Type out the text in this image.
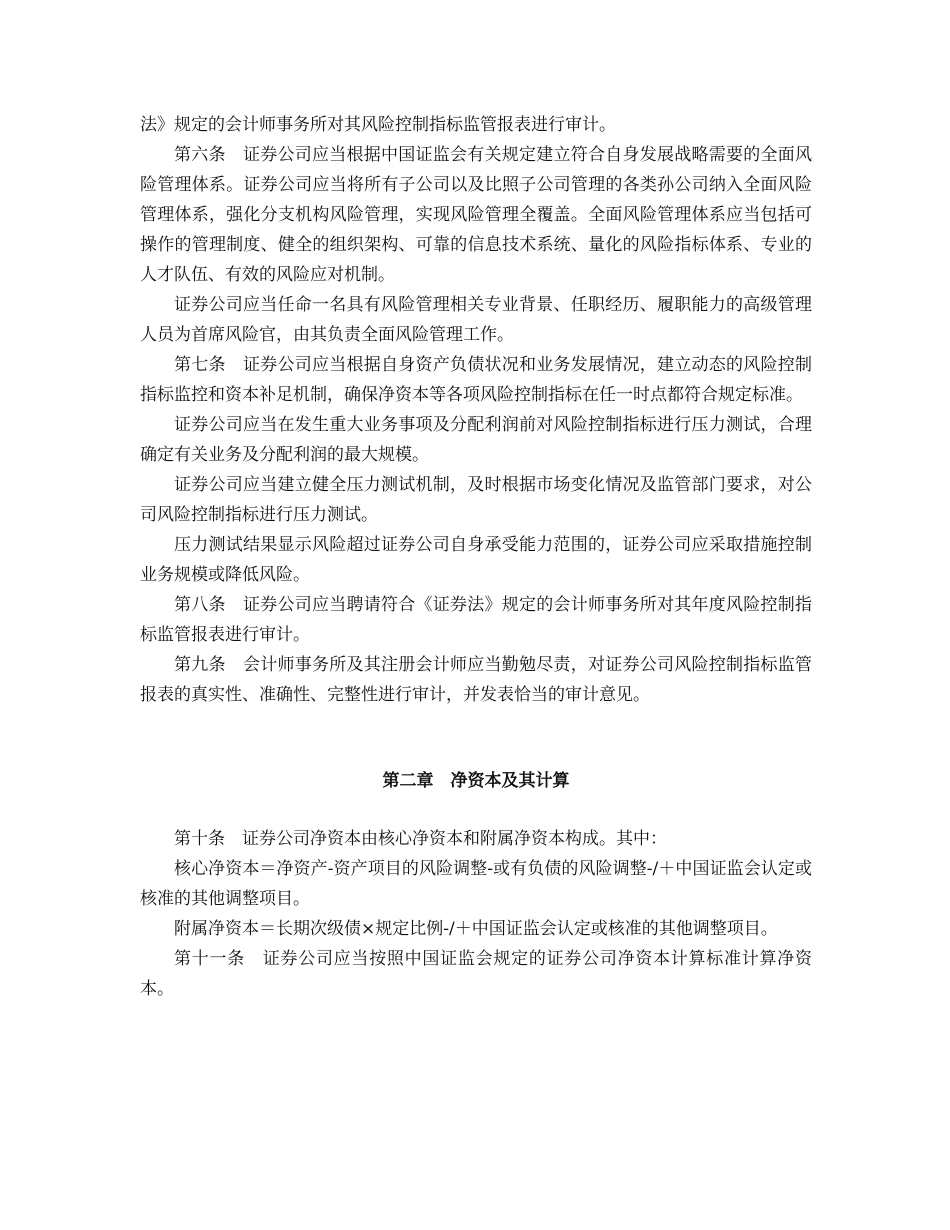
法》规定的会计师事务所对其风险控制指标监管报表进行审计。

第六条　证券公司应当根据中国证监会有关规定建立符合自身发展战略需要的全面风险管理体系。证券公司应当将所有子公司以及比照子公司管理的各类孙公司纳入全面风险管理体系，强化分支机构风险管理，实现风险管理全覆盖。全面风险管理体系应当包括可操作的管理制度、健全的组织架构、可靠的信息技术系统、量化的风险指标体系、专业的人才队伍、有效的风险应对机制。

证券公司应当任命一名具有风险管理相关专业背景、任职经历、履职能力的高级管理人员为首席风险官，由其负责全面风险管理工作。

第七条　证券公司应当根据自身资产负债状况和业务发展情况，建立动态的风险控制指标监控和资本补足机制，确保净资本等各项风险控制指标在任一时点都符合规定标准。

证券公司应当在发生重大业务事项及分配利润前对风险控制指标进行压力测试，合理确定有关业务及分配利润的最大规模。

证券公司应当建立健全压力测试机制，及时根据市场变化情况及监管部门要求，对公司风险控制指标进行压力测试。

压力测试结果显示风险超过证券公司自身承受能力范围的，证券公司应采取措施控制业务规模或降低风险。

第八条　证券公司应当聘请符合《证券法》规定的会计师事务所对其年度风险控制指标监管报表进行审计。

第九条　会计师事务所及其注册会计师应当勤勉尽责，对证券公司风险控制指标监管报表的真实性、准确性、完整性进行审计，并发表恰当的审计意见。

第二章　净资本及其计算

第十条　证券公司净资本由核心净资本和附属净资本构成。其中：

核心净资本＝净资产-资产项目的风险调整-或有负债的风险调整-/＋中国证监会认定或核准的其他调整项目。

附属净资本＝长期次级债×规定比例-/＋中国证监会认定或核准的其他调整项目。

第十一条　证券公司应当按照中国证监会规定的证券公司净资本计算标准计算净资本。
